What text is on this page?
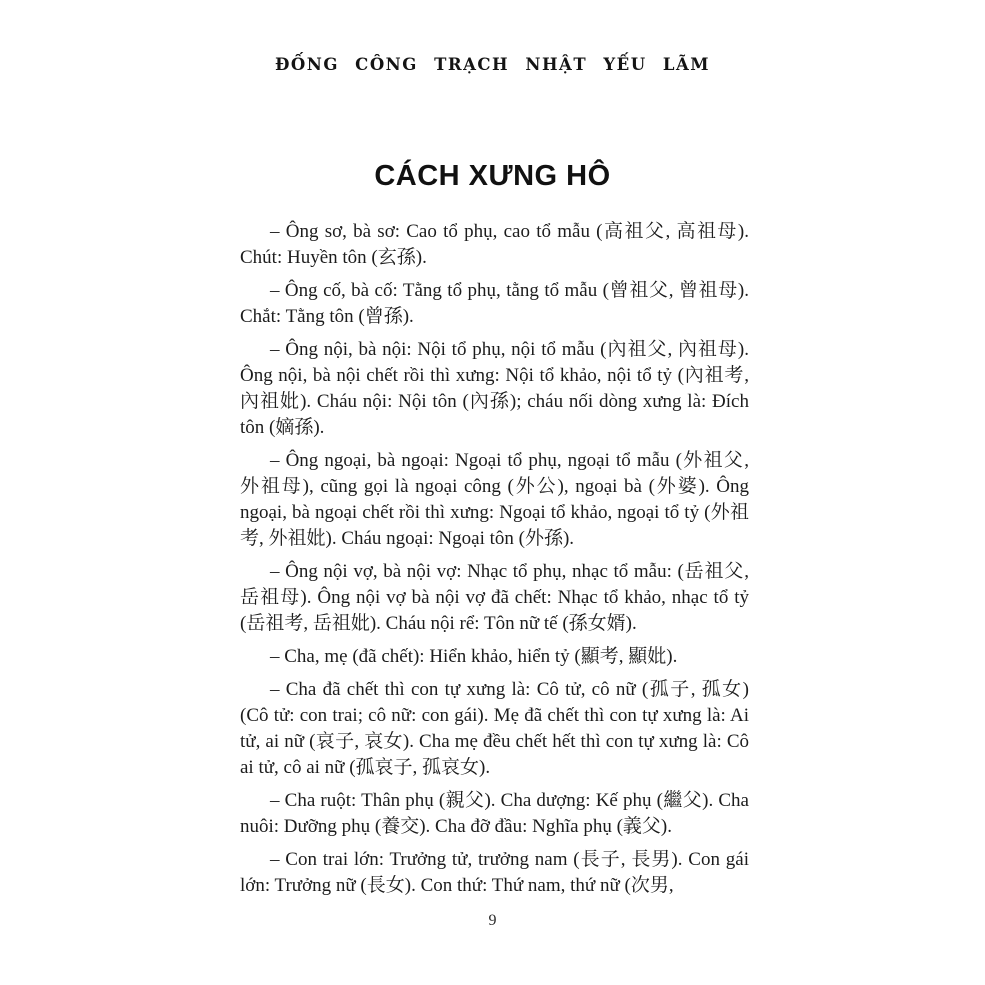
ĐỐNG CÔNG TRẠCH NHẬT YẾU LÃM
CÁCH XƯNG HÔ

– Ông sơ, bà sơ: Cao tổ phụ, cao tổ mẫu (高祖父, 高祖母). Chút: Huyền tôn (玄孫).

– Ông cố, bà cố: Tằng tổ phụ, tằng tổ mẫu (曾祖父, 曾祖母). Chắt: Tằng tôn (曾孫).

– Ông nội, bà nội: Nội tổ phụ, nội tổ mẫu (內祖父, 內祖母). Ông nội, bà nội chết rồi thì xưng: Nội tổ khảo, nội tổ tỷ (內祖考, 內祖妣). Cháu nội: Nội tôn (內孫); cháu nối dòng xưng là: Đích tôn (嫡孫).

– Ông ngoại, bà ngoại: Ngoại tổ phụ, ngoại tổ mẫu (外祖父, 外祖母), cũng gọi là ngoại công (外公), ngoại bà (外婆). Ông ngoại, bà ngoại chết rồi thì xưng: Ngoại tổ khảo, ngoại tổ tỷ (外祖考, 外祖妣). Cháu ngoại: Ngoại tôn (外孫).

– Ông nội vợ, bà nội vợ: Nhạc tổ phụ, nhạc tổ mẫu: (岳祖父, 岳祖母). Ông nội vợ bà nội vợ đã chết: Nhạc tổ khảo, nhạc tổ tỷ (岳祖考, 岳祖妣). Cháu nội rể: Tôn nữ tế (孫女婿).

– Cha, mẹ (đã chết): Hiển khảo, hiển tỷ (顯考, 顯妣).

– Cha đã chết thì con tự xưng là: Cô tử, cô nữ (孤子, 孤女) (Cô tử: con trai; cô nữ: con gái). Mẹ đã chết thì con tự xưng là: Ai tử, ai nữ (哀子, 哀女). Cha mẹ đều chết hết thì con tự xưng là: Cô ai tử, cô ai nữ (孤哀子, 孤哀女).

– Cha ruột: Thân phụ (親父). Cha dượng: Kế phụ (繼父). Cha nuôi: Dưỡng phụ (養交). Cha đỡ đầu: Nghĩa phụ (義父).

– Con trai lớn: Trưởng tử, trưởng nam (長子, 長男). Con gái lớn: Trưởng nữ (長女). Con thứ: Thứ nam, thứ nữ (次男,

9
